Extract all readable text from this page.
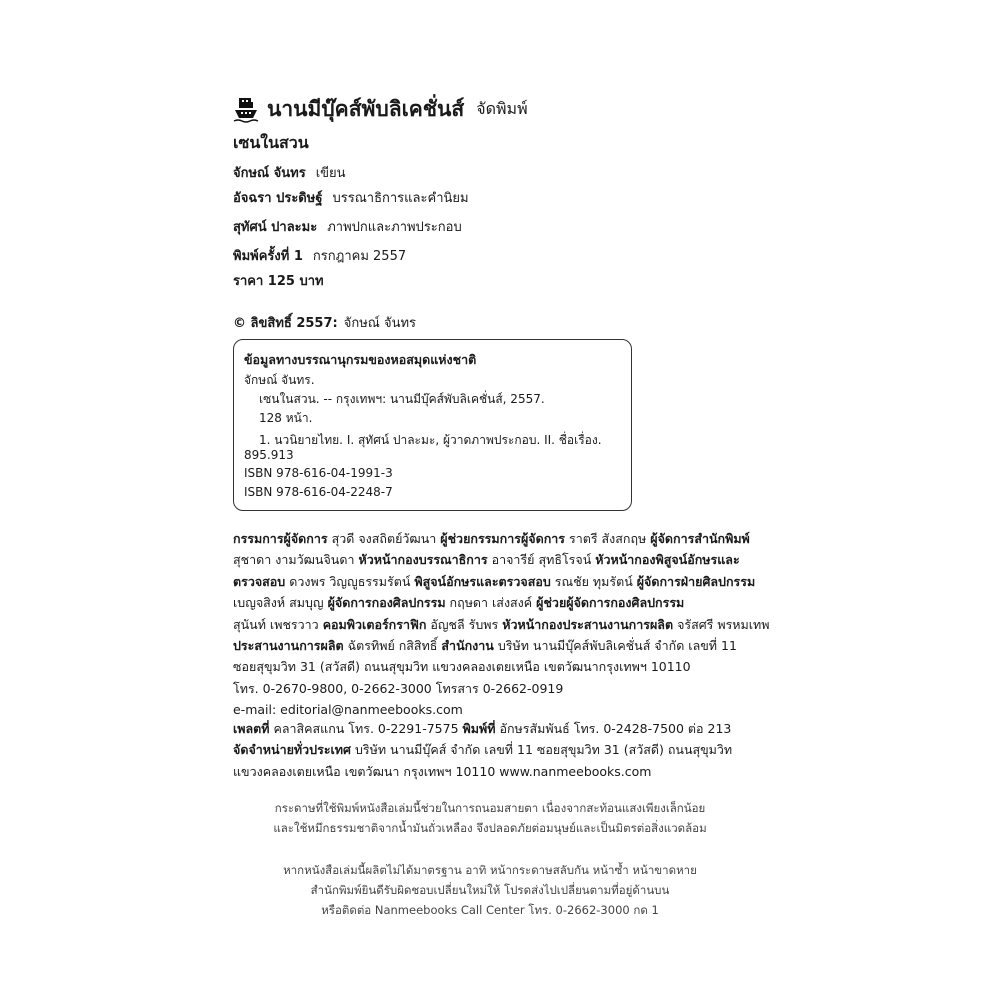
นานมีบุ๊คส์พับลิเคชั่นส์ จัดพิมพ์
เซนในสวน
จักษณ์ จันทร เขียน
อัจฉรา ประดิษฐ์ บรรณาธิการและคำนิยม
สุทัศน์ ปาละมะ ภาพปกและภาพประกอบ
พิมพ์ครั้งที่ 1 กรกฎาคม 2557
ราคา 125 บาท
© ลิขสิทธิ์ 2557: จักษณ์ จันทร
ข้อมูลทางบรรณานุกรมของหอสมุดแห่งชาติ
จักษณ์ จันทร.
เซนในสวน. -- กรุงเทพฯ: นานมีบุ๊คส์พับลิเคชั่นส์, 2557.
128 หน้า.
1. นวนิยายไทย. I. สุทัศน์ ปาละมะ, ผู้วาดภาพประกอบ. II. ชื่อเรื่อง.
895.913
ISBN 978-616-04-1991-3
ISBN 978-616-04-2248-7
กรรมการผู้จัดการ สุวดี จงสถิตย์วัฒนา ผู้ช่วยกรรมการผู้จัดการ ราตรี สังสกฤษ ผู้จัดการสำนักพิมพ์
สุชาดา งามวัฒนจินดา หัวหน้ากองบรรณาธิการ อาจารีย์ สุทธิโรจน์ หัวหน้ากองพิสูจน์อักษรและ
ตรวจสอบ ดวงพร วิญญูธรรมรัตน์ พิสูจน์อักษรและตรวจสอบ รณชัย ทุมรัตน์ ผู้จัดการฝ่ายศิลปกรรม
เบญจสิงห์ สมบุญ ผู้จัดการกองศิลปกรรม กฤษดา เส่งสงค์ ผู้ช่วยผู้จัดการกองศิลปกรรม
สุนันท์ เพชรวาว คอมพิวเตอร์กราฟิก อัญชลี รับพร หัวหน้ากองประสานงานการผลิต จรัสศรี พรหมเทพ
ประสานงานการผลิต ฉัตรทิพย์ กสิสิทธิ์ สำนักงาน บริษัท นานมีบุ๊คส์พับลิเคชั่นส์ จำกัด เลขที่ 11
ซอยสุขุมวิท 31 (สวัสดี) ถนนสุขุมวิท แขวงคลองเตยเหนือ เขตวัฒนากรุงเทพฯ 10110
โทร. 0-2670-9800, 0-2662-3000 โทรสาร 0-2662-0919
e-mail: editorial@nanmeebooks.com
เพลตที่ คลาสิคสแกน โทร. 0-2291-7575 พิมพ์ที่ อักษรสัมพันธ์ โทร. 0-2428-7500 ต่อ 213
จัดจำหน่ายทั่วประเทศ บริษัท นานมีบุ๊คส์ จำกัด เลขที่ 11 ซอยสุขุมวิท 31 (สวัสดี) ถนนสุขุมวิท
แขวงคลองเตยเหนือ เขตวัฒนา กรุงเทพฯ 10110 www.nanmeebooks.com
กระดาษที่ใช้พิมพ์หนังสือเล่มนี้ช่วยในการถนอมสายตา เนื่องจากสะท้อนแสงเพียงเล็กน้อย
และใช้หมึกธรรมชาติจากน้ำมันถั่วเหลือง จึงปลอดภัยต่อมนุษย์และเป็นมิตรต่อสิ่งแวดล้อม
หากหนังสือเล่มนี้ผลิตไม่ได้มาตรฐาน อาทิ หน้ากระดาษสลับกัน หน้าซ้ำ หน้าขาดหาย
สำนักพิมพ์ยินดีรับผิดชอบเปลี่ยนใหม่ให้ โปรดส่งไปเปลี่ยนตามที่อยู่ด้านบน
หรือติดต่อ Nanmeebooks Call Center โทร. 0-2662-3000 กด 1
